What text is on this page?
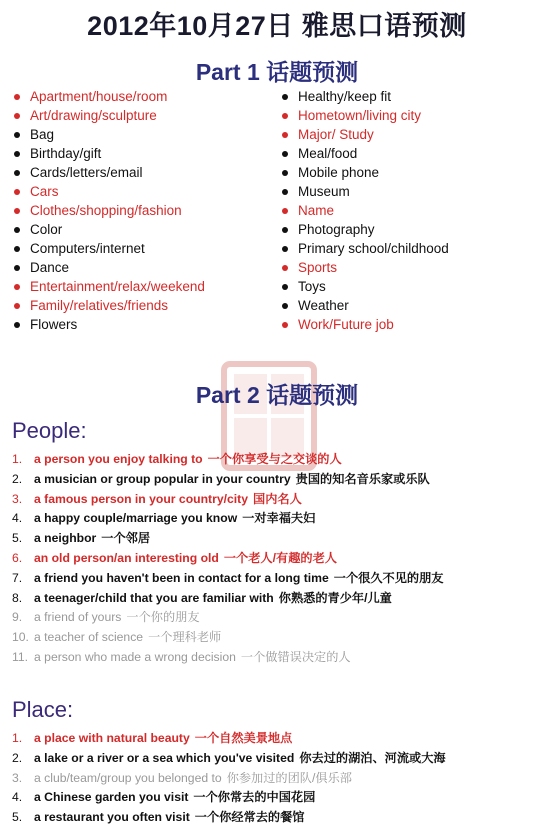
2012年10月27日 雅思口语预测
Part 1 话题预测
Apartment/house/room
Art/drawing/sculpture
Bag
Birthday/gift
Cards/letters/email
Cars
Clothes/shopping/fashion
Color
Computers/internet
Dance
Entertainment/relax/weekend
Family/relatives/friends
Flowers
Healthy/keep fit
Hometown/living city
Major/ Study
Meal/food
Mobile phone
Museum
Name
Photography
Primary school/childhood
Sports
Toys
Weather
Work/Future job
Part 2 话题预测
People:
1. a person you enjoy talking to 一个你享受与之交谈的人
2. a musician or group popular in your country 贵国的知名音乐家或乐队
3. a famous person in your country/city 国内名人
4. a happy couple/marriage you know 一对幸福夫妇
5. a neighbor 一个邻居
6. an old person/an interesting old 一个老人/有趣的老人
7. a friend you haven't been in contact for a long time 一个很久不见的朋友
8. a teenager/child that you are familiar with 你熟悉的青少年/儿童
9. a friend of yours 一个你的朋友
10. a teacher of science 一个理科老师
11. a person who made a wrong decision 一个做错误决定的人
Place:
1. a place with natural beauty 一个自然美景地点
2. a lake or a river or a sea which you've visited 你去过的湖泊、河流或大海
3. a club/team/group you belonged to 你参加过的团队/俱乐部
4. a Chinese garden you visit 一个你常去的中国花园
5. a restaurant you often visit 一个你经常去的餐馆
